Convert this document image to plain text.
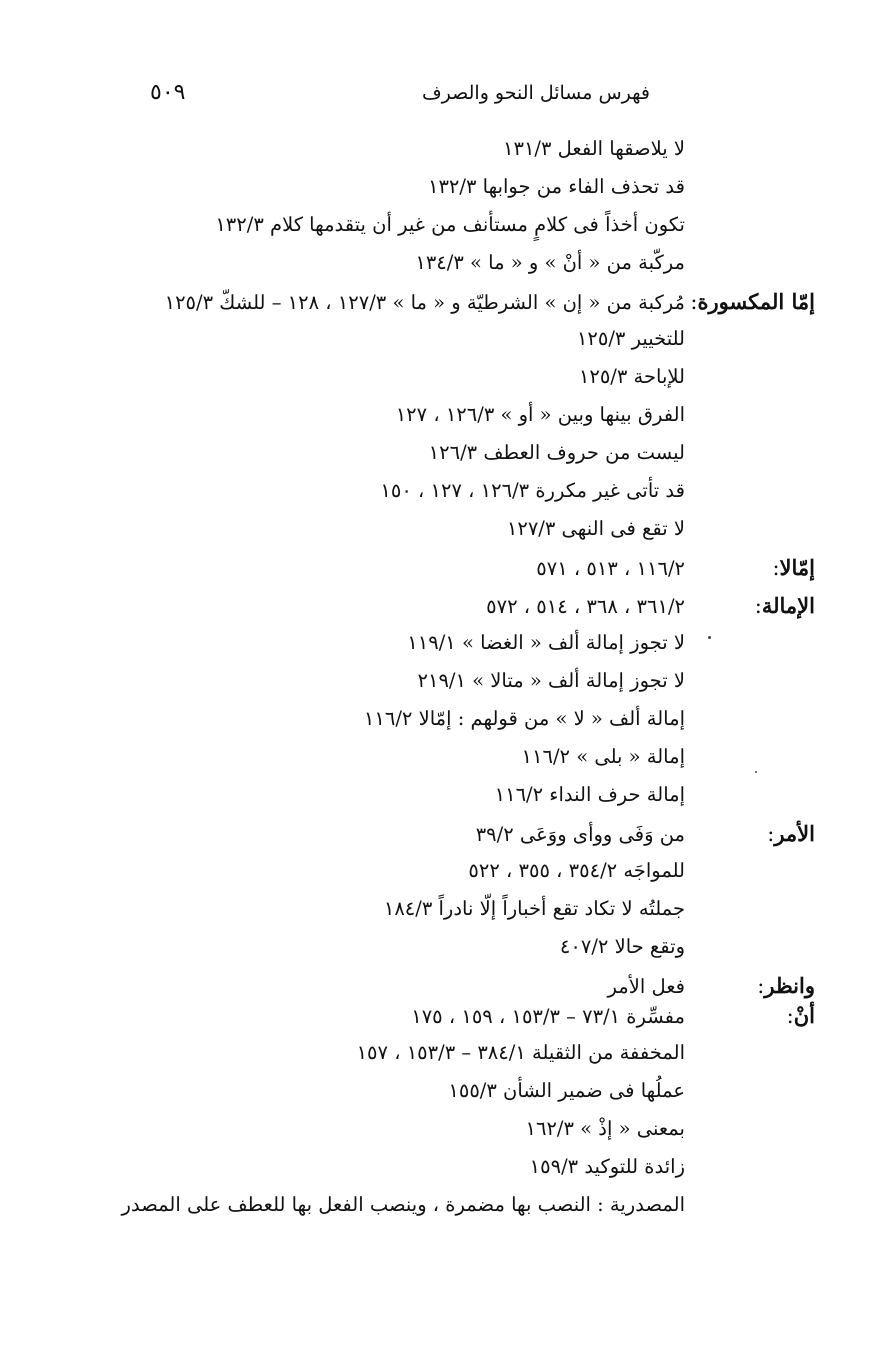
فهرس مسائل النحو والصرف
٥٠٩
لا يلاصقها الفعل ١٣١/٣
قد تحذف الفاء من جوابها ١٣٢/٣
تكون أخذاً فى كلامٍ مستأنف من غير أن يتقدمها كلام ١٣٢/٣
مركّبة من « أنْ » و « ما » ١٣٤/٣
إمّا المكسورة:
مُركبة من « إن » الشرطيّة و « ما » ١٢٧/٣ ، ١٢٨ – للشكّ ١٢٥/٣
للتخيير ١٢٥/٣
للإباحة ١٢٥/٣
الفرق بينها وبين « أو » ١٢٦/٣ ، ١٢٧
ليست من حروف العطف ١٢٦/٣
قد تأتى غير مكررة ١٢٦/٣ ، ١٢٧ ، ١٥٠
لا تقع فى النهى ١٢٧/٣
إمّالا:
١١٦/٢ ، ٥١٣ ، ٥٧١
الإمالة:
٣٦١/٢ ، ٣٦٨ ، ٥١٤ ، ٥٧٢
لا تجوز إمالة ألف « الغضا » ١١٩/١
لا تجوز إمالة ألف « متالا » ٢١٩/١
إمالة ألف « لا » من قولهم : إمّالا ١١٦/٢
إمالة « بلى » ١١٦/٢
إمالة حرف النداء ١١٦/٢
الأمر:
من وَفَى ووأى ووَعَى ٣٩/٢
للمواجَه ٣٥٤/٢ ، ٣٥٥ ، ٥٢٢
جملتُه لا تكاد تقع أخباراً إلّا نادراً ١٨٤/٣
وتقع حالا ٤٠٧/٢
وانظر:
فعل الأمر
أنْ:
مفسِّرة ٧٣/١ – ١٥٣/٣ ، ١٥٩ ، ١٧٥
المخففة من الثقيلة ٣٨٤/١ – ١٥٣/٣ ، ١٥٧
عملُها فى ضمير الشأن ١٥٥/٣
بمعنى « إذْ » ١٦٢/٣
زائدة للتوكيد ١٥٩/٣
المصدرية : النصب بها مضمرة ، وينصب الفعل بها للعطف على المصدر
